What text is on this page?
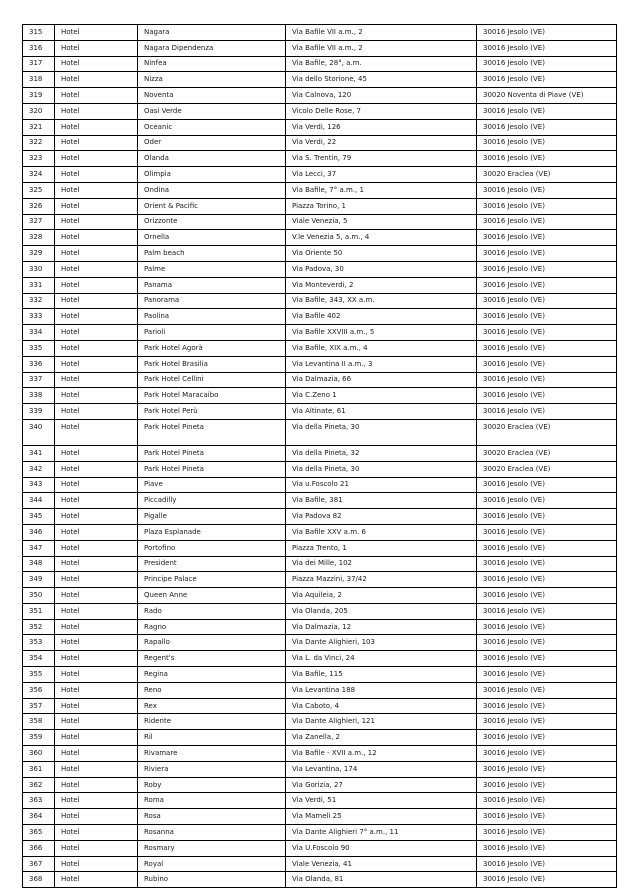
315	Hotel	Nagara	Via Bafile VII a.m., 2	30016 Jesolo (VE)
316	Hotel	Nagara Dipendenza	Via Bafile VII a.m., 2	30016 Jesolo (VE)
317	Hotel	Ninfea	Via Bafile, 28°, a.m.	30016 Jesolo (VE)
318	Hotel	Nizza	Via dello Storione, 45	30016 Jesolo (VE)
319	Hotel	Noventa	Via Calnova, 120	30020 Noventa di Piave (VE)
320	Hotel	Oasi Verde	Vicolo Delle Rose, 7	30016 Jesolo (VE)
321	Hotel	Oceanic	Via Verdi, 126	30016 Jesolo (VE)
322	Hotel	Oder	Via Verdi, 22	30016 Jesolo (VE)
323	Hotel	Olanda	Via S. Trentin, 79	30016 Jesolo (VE)
324	Hotel	Olimpia	Via Lecci, 37	30020 Eraclea (VE)
325	Hotel	Ondina	Via Bafile, 7° a.m., 1	30016 Jesolo (VE)
326	Hotel	Orient & Pacific	Piazza Torino, 1	30016 Jesolo (VE)
327	Hotel	Orizzonte	Viale Venezia, 5	30016 Jesolo (VE)
328	Hotel	Ornella	V.le Venezia 5, a.m., 4	30016 Jesolo (VE)
329	Hotel	Palm beach	Via Oriente 50	30016 Jesolo (VE)
330	Hotel	Palme	Via Padova, 30	30016 Jesolo (VE)
331	Hotel	Panama	Via Monteverdi, 2	30016 Jesolo (VE)
332	Hotel	Panorama	Via Bafile, 343, XX a.m.	30016 Jesolo (VE)
333	Hotel	Paolina	Via Bafile 402	30016 Jesolo (VE)
334	Hotel	Parioli	Via Bafile XXVIII a.m., 5	30016 Jesolo (VE)
335	Hotel	Park Hotel Agorà	Via Bafile, XIX a.m., 4	30016 Jesolo (VE)
336	Hotel	Park Hotel Brasilia	Via Levantina II a.m., 3	30016 Jesolo (VE)
337	Hotel	Park Hotel Cellini	Via Dalmazia, 66	30016 Jesolo (VE)
338	Hotel	Park Hotel Maracaibo	Via C.Zeno 1	30016 Jesolo (VE)
339	Hotel	Park Hotel Perù	Via Altinate, 61	30016 Jesolo (VE)
340	Hotel	Park Hotel Pineta	Via della Pineta, 30	30020 Eraclea (VE)
341	Hotel	Park Hotel Pineta	Via della Pineta, 32	30020 Eraclea (VE)
342	Hotel	Park Hotel Pineta	Via della Pineta, 30	30020 Eraclea (VE)
343	Hotel	Piave	Via u.Foscolo 21	30016 Jesolo (VE)
344	Hotel	Piccadilly	Via Bafile, 381	30016 Jesolo (VE)
345	Hotel	Pigalle	Via Padova 82	30016 Jesolo (VE)
346	Hotel	Plaza Esplanade	Via Bafile XXV a.m. 6	30016 Jesolo (VE)
347	Hotel	Portofino	Piazza Trento, 1	30016 Jesolo (VE)
348	Hotel	President	Via dei Mille, 102	30016 Jesolo (VE)
349	Hotel	Principe Palace	Piazza Mazzini, 37/42	30016 Jesolo (VE)
350	Hotel	Queen Anne	Via Aquileia, 2	30016 Jesolo (VE)
351	Hotel	Rado	Via Olanda, 205	30016 Jesolo (VE)
352	Hotel	Ragno	Via Dalmazia, 12	30016 Jesolo (VE)
353	Hotel	Rapallo	Via Dante Alighieri, 103	30016 Jesolo (VE)
354	Hotel	Regent's	Via L. da Vinci, 24	30016 Jesolo (VE)
355	Hotel	Regina	Via Bafile, 115	30016 Jesolo (VE)
356	Hotel	Reno	Via Levantina 188	30016 Jesolo (VE)
357	Hotel	Rex	Via Caboto, 4	30016 Jesolo (VE)
358	Hotel	Ridente	Via Dante Alighieri, 121	30016 Jesolo (VE)
359	Hotel	Ril	Via Zanella, 2	30016 Jesolo (VE)
360	Hotel	Rivamare	Via Bafile - XVII a.m., 12	30016 Jesolo (VE)
361	Hotel	Riviera	Via Levantina, 174	30016 Jesolo (VE)
362	Hotel	Roby	Via Gorizia, 27	30016 Jesolo (VE)
363	Hotel	Roma	Via Verdi, 51	30016 Jesolo (VE)
364	Hotel	Rosa	Via Mameli 25	30016 Jesolo (VE)
365	Hotel	Rosanna	Via Dante Alighieri 7° a.m., 11	30016 Jesolo (VE)
366	Hotel	Rosmary	Via U.Foscolo 90	30016 Jesolo (VE)
367	Hotel	Royal	Viale Venezia, 41	30016 Jesolo (VE)
368	Hotel	Rubino	Via Olanda, 81	30016 Jesolo (VE)
